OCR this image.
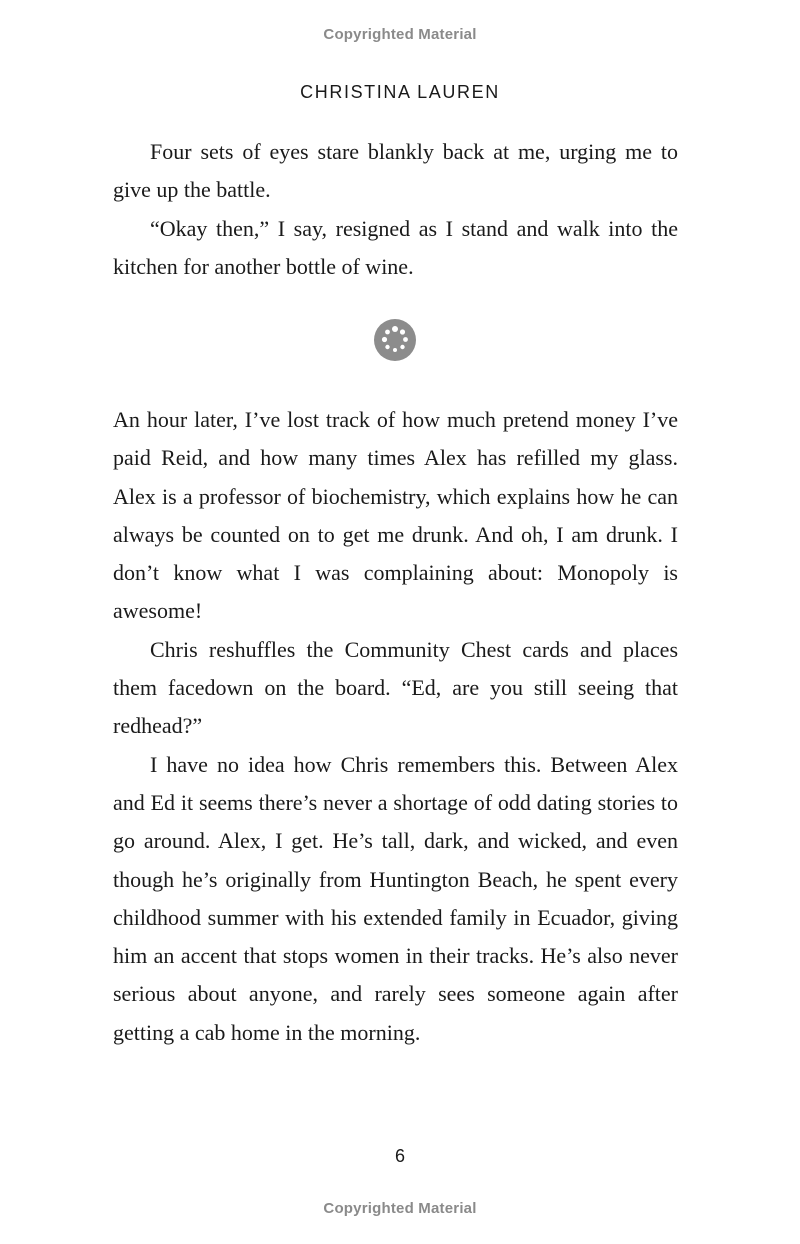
Copyrighted Material
CHRISTINA LAUREN

Four sets of eyes stare blankly back at me, urging me to give up the battle.

“Okay then,” I say, resigned as I stand and walk into the kitchen for another bottle of wine.

An hour later, I’ve lost track of how much pretend money I’ve paid Reid, and how many times Alex has refilled my glass. Alex is a professor of biochemistry, which explains how he can always be counted on to get me drunk. And oh, I am drunk. I don’t know what I was complaining about: Monopoly is awesome!

Chris reshuffles the Community Chest cards and places them facedown on the board. “Ed, are you still seeing that redhead?”

I have no idea how Chris remembers this. Between Alex and Ed it seems there’s never a shortage of odd dating stories to go around. Alex, I get. He’s tall, dark, and wicked, and even though he’s originally from Huntington Beach, he spent every childhood summer with his extended family in Ecuador, giving him an accent that stops women in their tracks. He’s also never serious about anyone, and rarely sees someone again after getting a cab home in the morning.

6
Copyrighted Material
